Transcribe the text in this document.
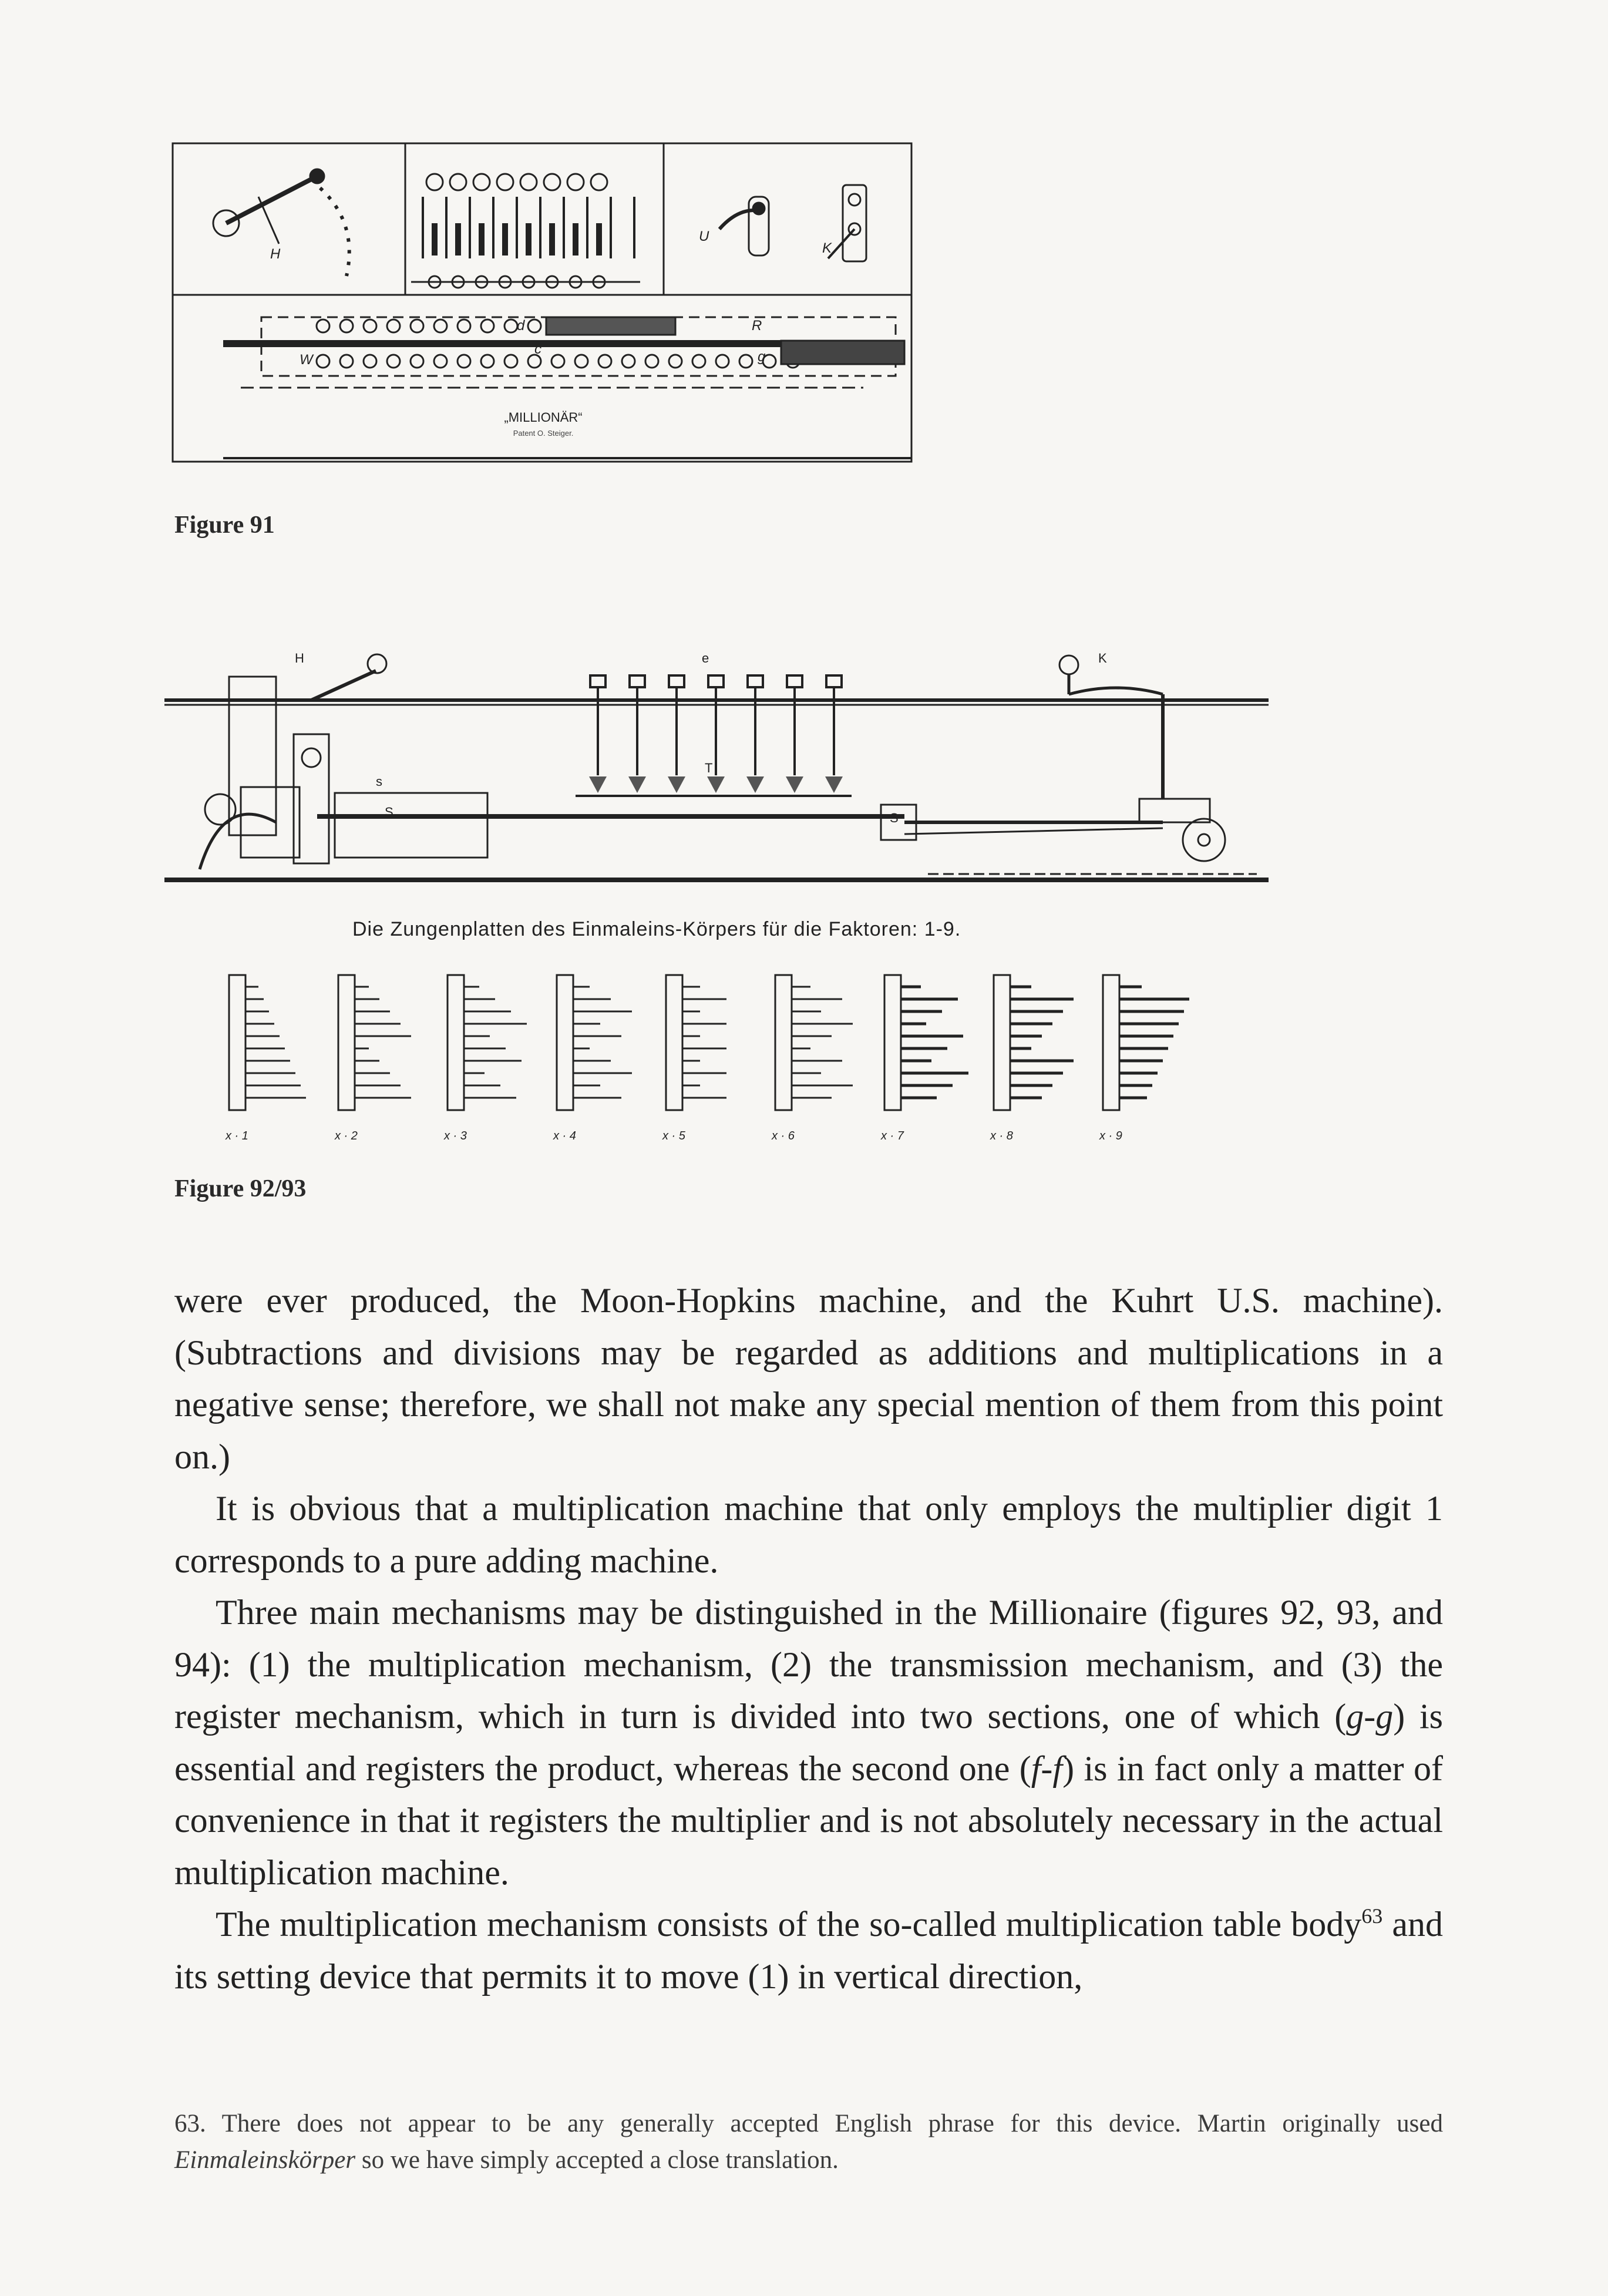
H
U
K
W
d
c
R
g
„MILLIONÄR“
Patent O. Steiger.
Figure 91
H	e	K
T
S	S
s
Die Zungenplatten des Einmaleins-Körpers für die Faktoren: 1-9.
x · 1	x · 2	x · 3	x · 4	x · 5	x · 6	x · 7	x · 8	x · 9
Figure 92/93

were ever produced, the Moon-Hopkins machine, and the Kuhrt U.S. machine). (Subtractions and divisions may be regarded as additions and multiplications in a negative sense; therefore, we shall not make any special mention of them from this point on.)

It is obvious that a multiplication machine that only employs the multiplier digit 1 corresponds to a pure adding machine.

Three main mechanisms may be distinguished in the Millionaire (figures 92, 93, and 94): (1) the multiplication mechanism, (2) the transmission mechanism, and (3) the register mechanism, which in turn is divided into two sections, one of which (g-g) is essential and registers the product, whereas the second one (f-f) is in fact only a matter of convenience in that it registers the multiplier and is not absolutely necessary in the actual multiplication machine.

The multiplication mechanism consists of the so-called multiplication table body$^{63}$ and its setting device that permits it to move (1) in vertical direction,

63. There does not appear to be any generally accepted English phrase for this device. Martin originally used Einmaleinskörper so we have simply accepted a close translation.
